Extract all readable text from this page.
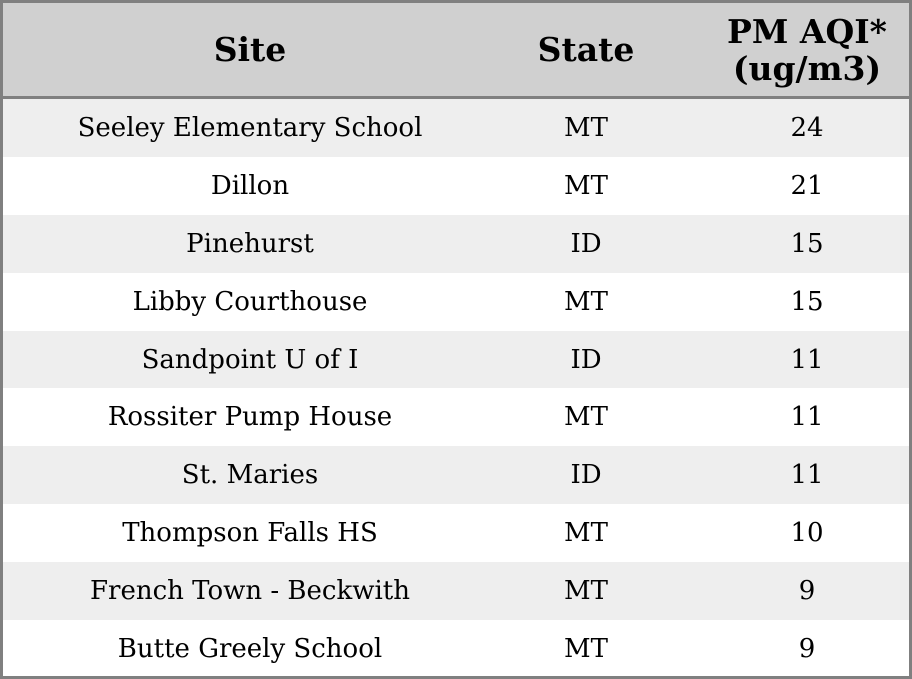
Site	State	PM AQI*
(ug/m3)

Seeley Elementary School	MT	24
Dillon	MT	21
Pinehurst	ID	15
Libby Courthouse	MT	15
Sandpoint U of I	ID	11
Rossiter Pump House	MT	11
St. Maries	ID	11
Thompson Falls HS	MT	10
French Town - Beckwith	MT	9
Butte Greely School	MT	9
